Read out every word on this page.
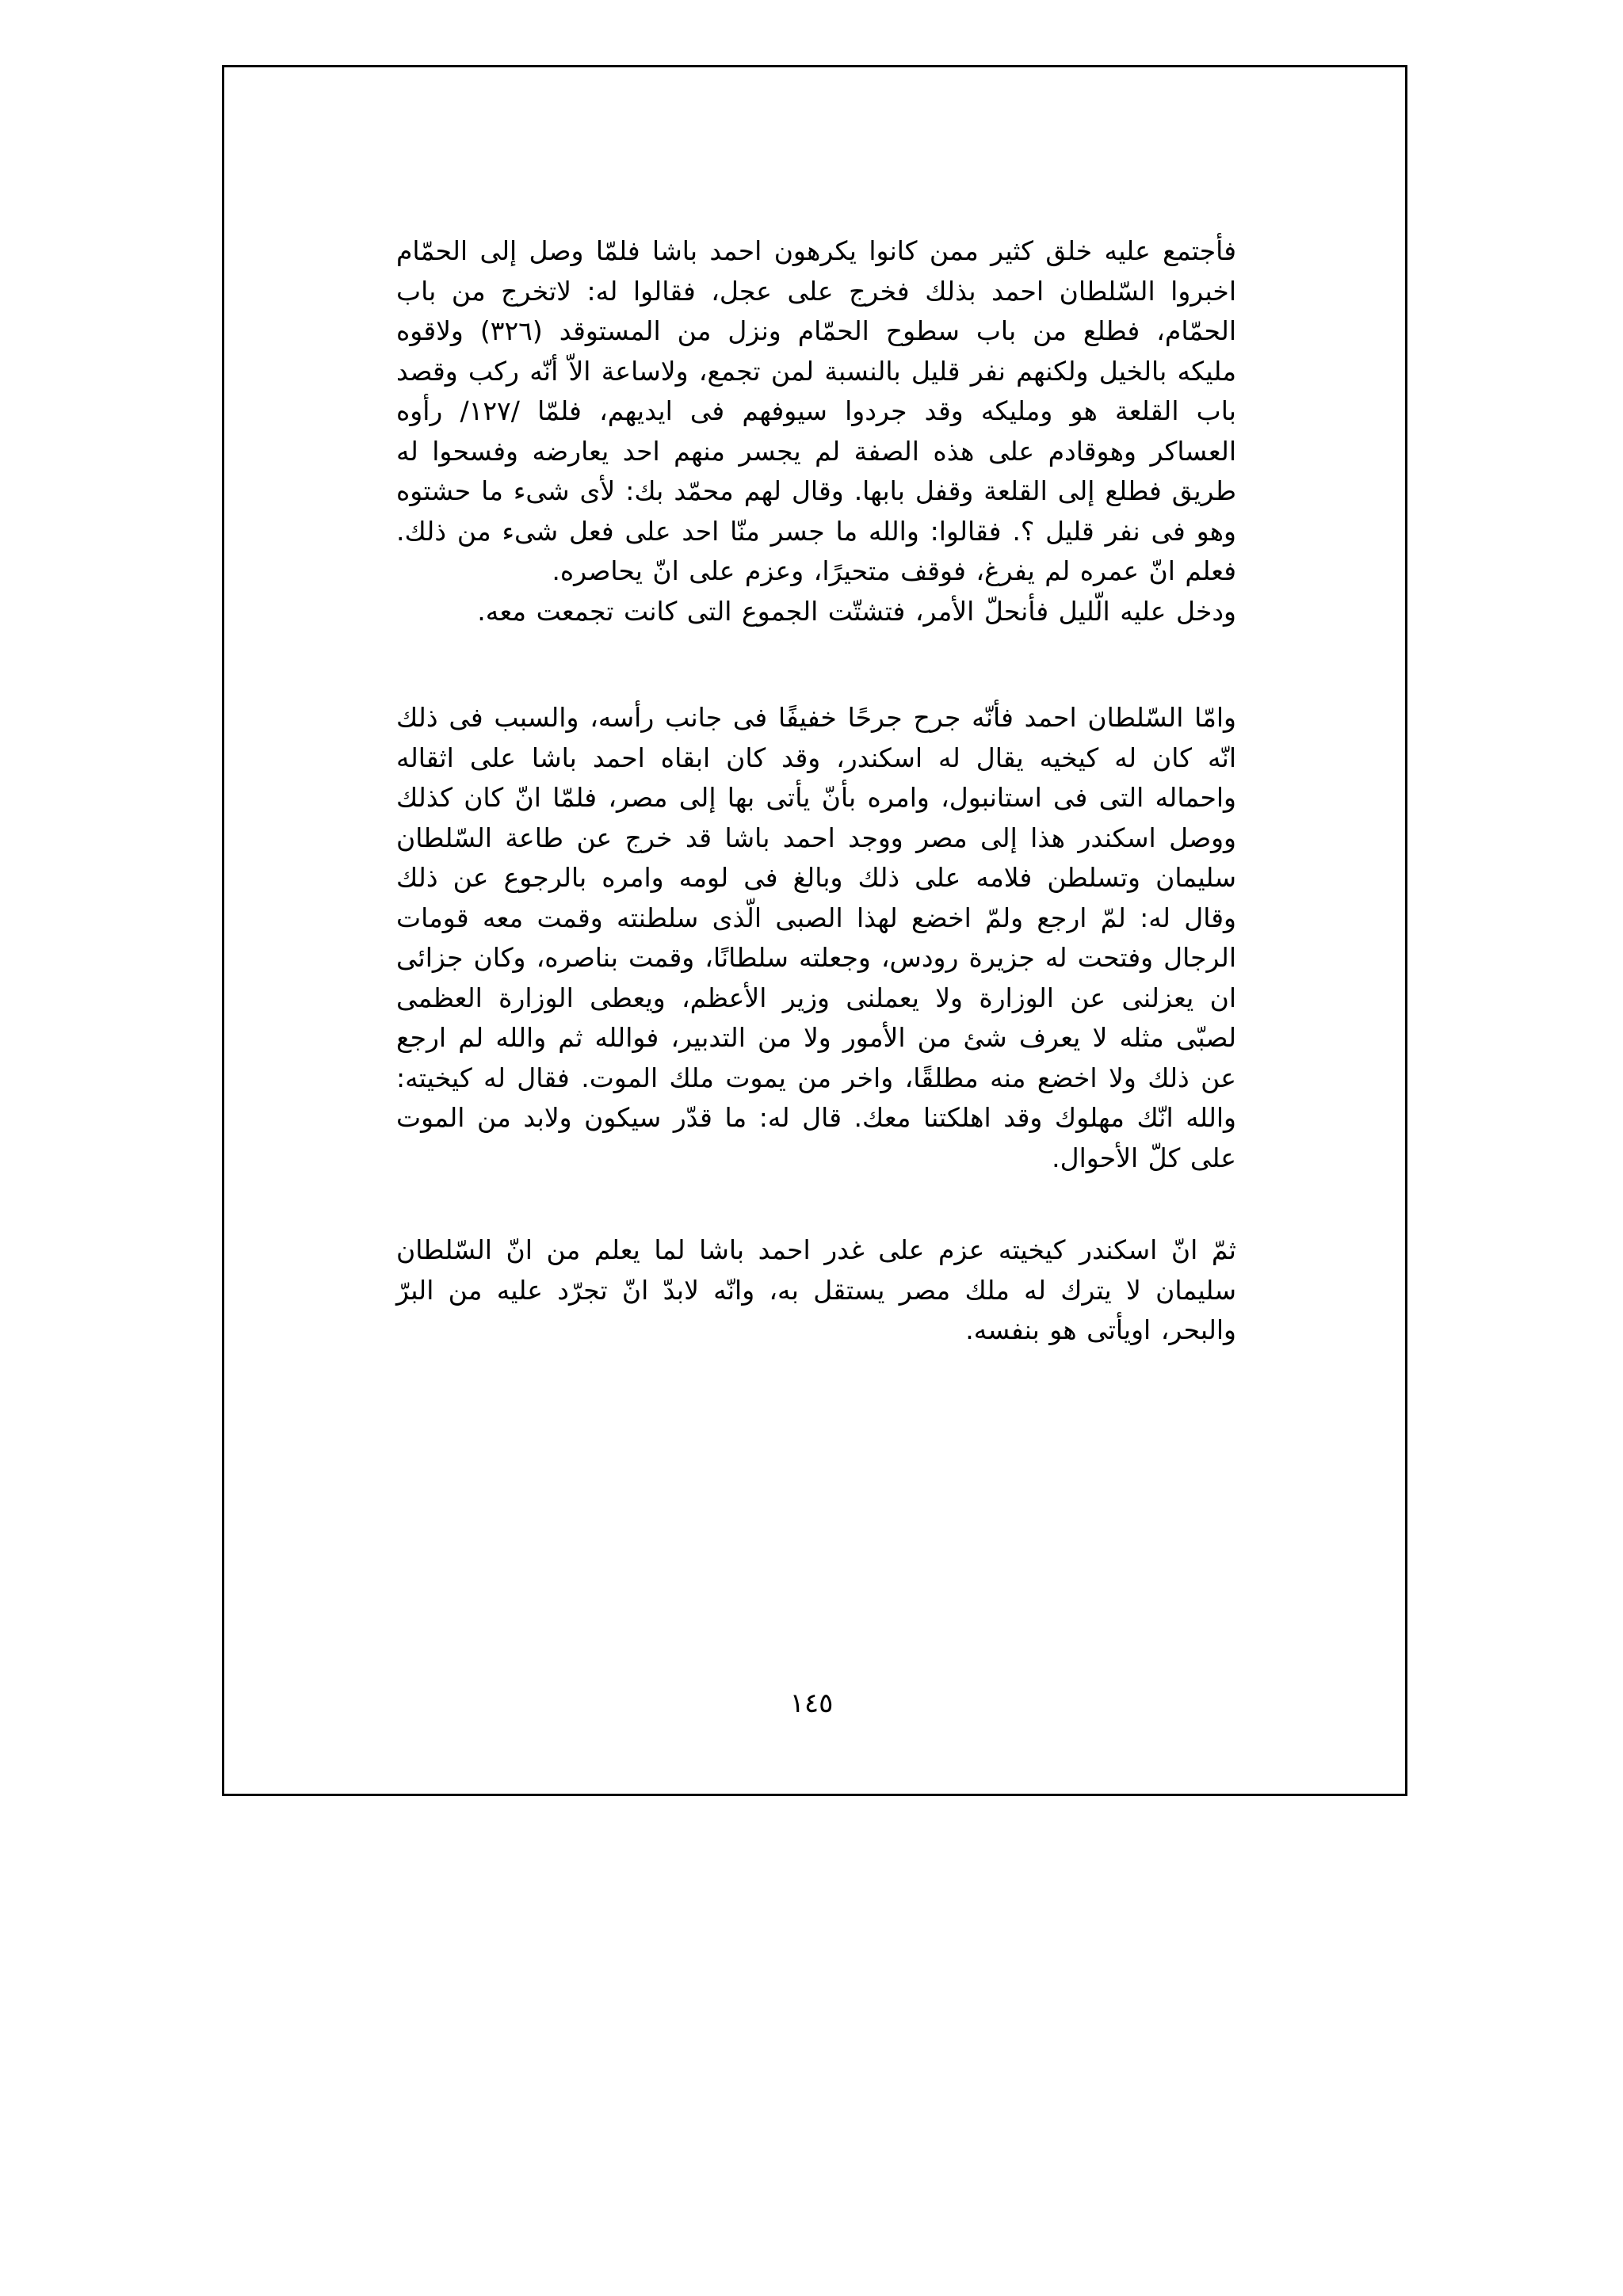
فأجتمع عليه خلق كثير ممن كانوا يكرهون احمد باشا فلمّا وصل إلى الحمّام اخبروا السّلطان احمد بذلك فخرج على عجل، فقالوا له: لاتخرج من باب الحمّام، فطلع من باب سطوح الحمّام ونزل من المستوقد (٣٢٦) ولاقوه مليكه بالخيل ولكنهم نفر قليل بالنسبة لمن تجمع، ولاساعة الاّ أنّه ركب وقصد باب القلعة هو ومليكه وقد جردوا سيوفهم فى ايديهم، فلمّا /١٢٧/ رأوه العساكر وهوقادم على هذه الصفة لم يجسر منهم احد يعارضه وفسحوا له طريق فطلع إلى القلعة وقفل بابها. وقال لهم محمّد بك: لأى شىء ما حشتوه وهو فى نفر قليل ؟. فقالوا: والله ما جسر منّا احد على فعل شىء من ذلك. فعلم انّ عمره لم يفرغ، فوقف متحيرًا، وعزم على انّ يحاصره.

ودخل عليه الّليل فأنحلّ الأمر، فتشتّت الجموع التى كانت تجمعت معه.

وامّا السّلطان احمد فأنّه جرح جرحًا خفيفًا فى جانب رأسه، والسبب فى ذلك انّه كان له كيخيه يقال له اسكندر، وقد كان ابقاه احمد باشا على اثقاله واحماله التى فى استانبول، وامره بأنّ يأتى بها إلى مصر، فلمّا انّ كان كذلك ووصل اسكندر هذا إلى مصر ووجد احمد باشا قد خرج عن طاعة السّلطان سليمان وتسلطن فلامه على ذلك وبالغ فى لومه وامره بالرجوع عن ذلك وقال له: لمّ ارجع ولمّ اخضع لهذا الصبى الّذى سلطنته وقمت معه قومات الرجال وفتحت له جزيرة رودس، وجعلته سلطانًا، وقمت بناصره، وكان جزائى ان يعزلنى عن الوزارة ولا يعملنى وزير الأعظم، ويعطى الوزارة العظمى لصبّى مثله لا يعرف شئ من الأمور ولا من التدبير، فوالله ثم والله لم ارجع عن ذلك ولا اخضع منه مطلقًا، واخر من يموت ملك الموت. فقال له كيخيته: والله انّك مهلوك وقد اهلكتنا معك. قال له: ما قدّر سيكون ولابد من الموت على كلّ الأحوال.

ثمّ انّ اسكندر كيخيته عزم على غدر احمد باشا لما يعلم من انّ السّلطان سليمان لا يترك له ملك مصر يستقل به، وانّه لابدّ انّ تجرّد عليه من البرّ والبحر، اويأتى هو بنفسه.

١٤٥
